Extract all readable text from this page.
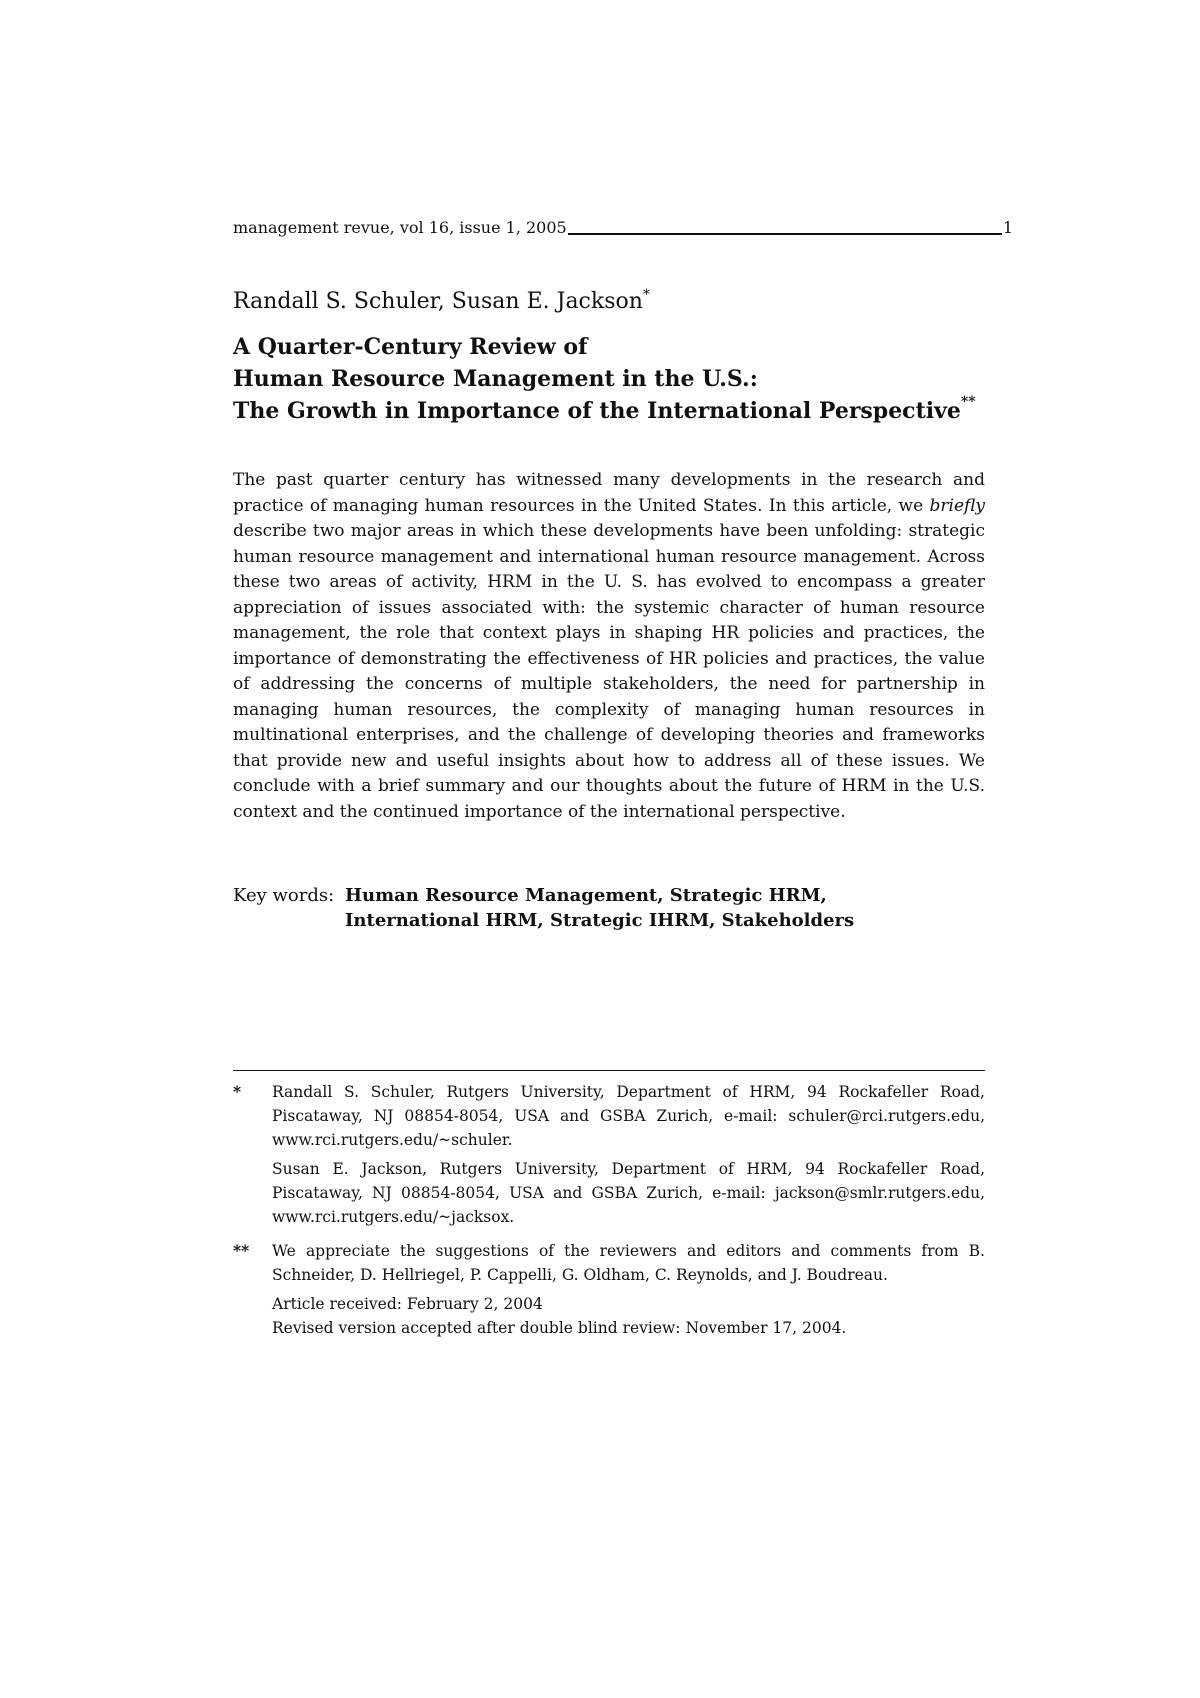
management revue, vol 16, issue 1, 2005	1
Randall S. Schuler, Susan E. Jackson*
A Quarter-Century Review of
Human Resource Management in the U.S.:
The Growth in Importance of the International Perspective**

The past quarter century has witnessed many developments in the research and practice of managing human resources in the United States. In this article, we briefly describe two major areas in which these developments have been unfolding: strategic human resource management and international human resource management. Across these two areas of activity, HRM in the U. S. has evolved to encompass a greater appreciation of issues associated with: the systemic character of human resource management, the role that context plays in shaping HR policies and practices, the importance of demonstrating the effectiveness of HR policies and practices, the value of addressing the concerns of multiple stakeholders, the need for partnership in managing human resources, the complexity of managing human resources in multinational enterprises, and the challenge of developing theories and frameworks that provide new and useful insights about how to address all of these issues. We conclude with a brief summary and our thoughts about the future of HRM in the U.S. context and the continued importance of the international perspective.

Key words: Human Resource Management, Strategic HRM, International HRM, Strategic IHRM, Stakeholders
*	Randall S. Schuler, Rutgers University, Department of HRM, 94 Rockafeller Road, Piscataway, NJ 08854-8054, USA and GSBA Zurich, e-mail: schuler@rci.rutgers.edu, www.rci.rutgers.edu/~schuler.

Susan E. Jackson, Rutgers University, Department of HRM, 94 Rockafeller Road, Piscataway, NJ 08854-8054, USA and GSBA Zurich, e-mail: jackson@smlr.rutgers.edu, www.rci.rutgers.edu/~jacksox.

**	We appreciate the suggestions of the reviewers and editors and comments from B. Schneider, D. Hellriegel, P. Cappelli, G. Oldham, C. Reynolds, and J. Boudreau.

Article received: February 2, 2004

Revised version accepted after double blind review: November 17, 2004.
